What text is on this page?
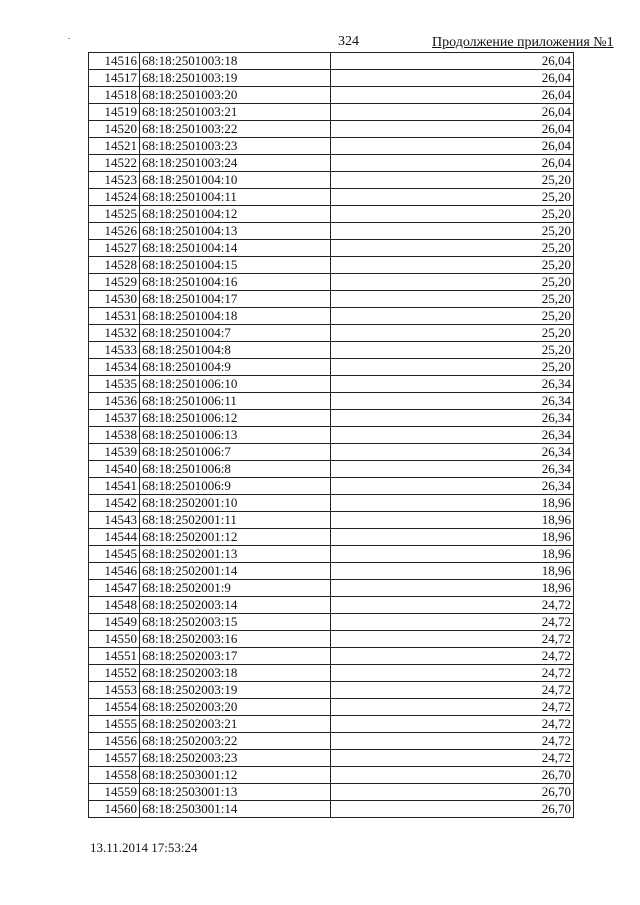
324	Продолжение приложения №1
14516	68:18:2501003:18	26,04
14517	68:18:2501003:19	26,04
14518	68:18:2501003:20	26,04
14519	68:18:2501003:21	26,04
14520	68:18:2501003:22	26,04
14521	68:18:2501003:23	26,04
14522	68:18:2501003:24	26,04
14523	68:18:2501004:10	25,20
14524	68:18:2501004:11	25,20
14525	68:18:2501004:12	25,20
14526	68:18:2501004:13	25,20
14527	68:18:2501004:14	25,20
14528	68:18:2501004:15	25,20
14529	68:18:2501004:16	25,20
14530	68:18:2501004:17	25,20
14531	68:18:2501004:18	25,20
14532	68:18:2501004:7	25,20
14533	68:18:2501004:8	25,20
14534	68:18:2501004:9	25,20
14535	68:18:2501006:10	26,34
14536	68:18:2501006:11	26,34
14537	68:18:2501006:12	26,34
14538	68:18:2501006:13	26,34
14539	68:18:2501006:7	26,34
14540	68:18:2501006:8	26,34
14541	68:18:2501006:9	26,34
14542	68:18:2502001:10	18,96
14543	68:18:2502001:11	18,96
14544	68:18:2502001:12	18,96
14545	68:18:2502001:13	18,96
14546	68:18:2502001:14	18,96
14547	68:18:2502001:9	18,96
14548	68:18:2502003:14	24,72
14549	68:18:2502003:15	24,72
14550	68:18:2502003:16	24,72
14551	68:18:2502003:17	24,72
14552	68:18:2502003:18	24,72
14553	68:18:2502003:19	24,72
14554	68:18:2502003:20	24,72
14555	68:18:2502003:21	24,72
14556	68:18:2502003:22	24,72
14557	68:18:2502003:23	24,72
14558	68:18:2503001:12	26,70
14559	68:18:2503001:13	26,70
14560	68:18:2503001:14	26,70
13.11.2014 17:53:24
